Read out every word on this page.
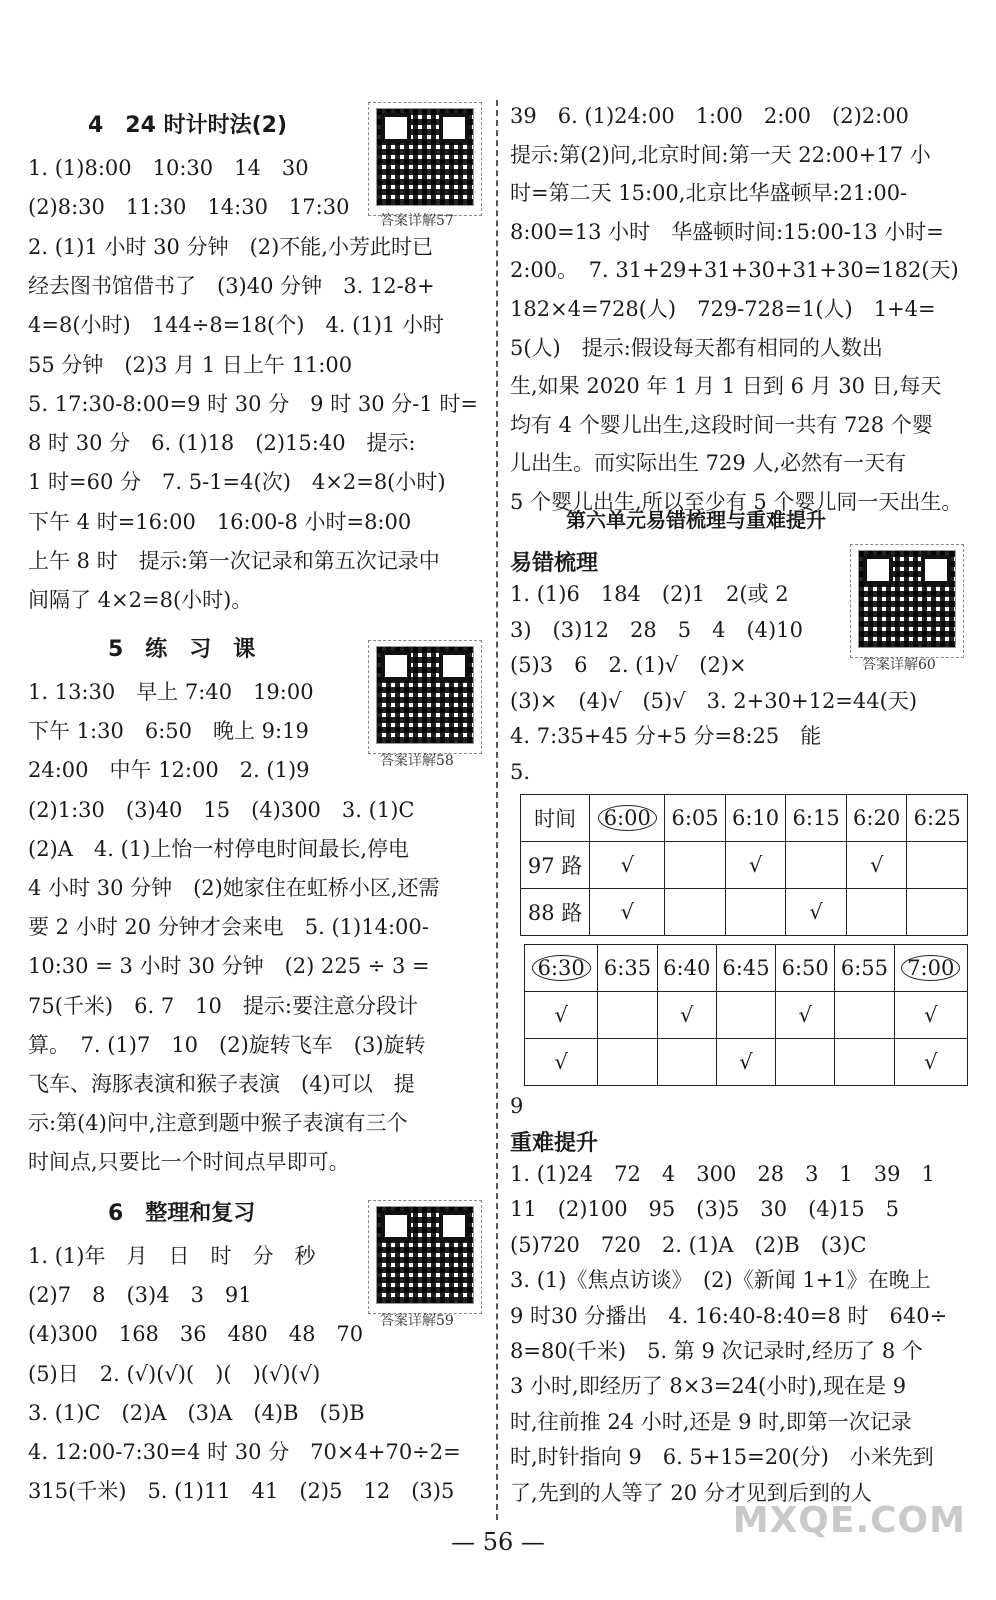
4　24 时计时法(2)
1. (1)8:00　10:30　14　30
(2)8:30　11:30　14:30　17:30
2. (1)1 小时 30 分钟　(2)不能,小芳此时已
经去图书馆借书了　(3)40 分钟　3. 12-8+
4=8(小时)　144÷8=18(个)　4. (1)1 小时
55 分钟　(2)3 月 1 日上午 11:00
5. 17:30-8:00=9 时 30 分　9 时 30 分-1 时=
8 时 30 分　6. (1)18　(2)15:40　提示:
1 时=60 分　7. 5-1=4(次)　4×2=8(小时)
下午 4 时=16:00　16:00-8 小时=8:00
上午 8 时　提示:第一次记录和第五次记录中
间隔了 4×2=8(小时)。
答案详解57
5　练　习　课
1. 13:30　早上 7:40　19:00
下午 1:30　6:50　晚上 9:19
24:00　中午 12:00　2. (1)9
(2)1:30　(3)40　15　(4)300　3. (1)C
(2)A　4. (1)上怡一村停电时间最长,停电
4 小时 30 分钟　(2)她家住在虹桥小区,还需
要 2 小时 20 分钟才会来电　5. (1)14:00-
10:30 = 3 小时 30 分钟　(2) 225 ÷ 3 =
75(千米)　6. 7　10　提示:要注意分段计
算。　7. (1)7　10　(2)旋转飞车　(3)旋转
飞车、海豚表演和猴子表演　(4)可以　提
示:第(4)问中,注意到题中猴子表演有三个
时间点,只要比一个时间点早即可。
答案详解58
6　整理和复习
1. (1)年　月　日　时　分　秒
(2)7　8　(3)4　3　91
(4)300　168　36　480　48　70
(5)日　2. (√)(√)(　)(　)(√)(√)
3. (1)C　(2)A　(3)A　(4)B　(5)B
4. 12:00-7:30=4 时 30 分　70×4+70÷2=
315(千米)　5. (1)11　41　(2)5　12　(3)5
答案详解59
39　6. (1)24:00　1:00　2:00　(2)2:00
提示:第(2)问,北京时间:第一天 22:00+17 小
时=第二天 15:00,北京比华盛顿早:21:00-
8:00=13 小时　华盛顿时间:15:00-13 小时=
2:00。　7. 31+29+31+30+31+30=182(天)
182×4=728(人)　729-728=1(人)　1+4=
5(人)　提示:假设每天都有相同的人数出
生,如果 2020 年 1 月 1 日到 6 月 30 日,每天
均有 4 个婴儿出生,这段时间一共有 728 个婴
儿出生。而实际出生 729 人,必然有一天有
5 个婴儿出生,所以至少有 5 个婴儿同一天出生。
第六单元易错梳理与重难提升
易错梳理
1. (1)6　184　(2)1　2(或 2
3)　(3)12　28　5　4　(4)10
(5)3　6　2. (1)√　(2)×
(3)×　(4)√　(5)√　3. 2+30+12=44(天)
4. 7:35+45 分+5 分=8:25　能
5.
答案详解60
时间	6:00	6:05	6:10	6:15	6:20	6:25
97 路	√		√		√	
88 路	√			√		
6:30	6:35	6:40	6:45	6:50	6:55	7:00
√		√		√		√
√			√			√
9
重难提升
1. (1)24　72　4　300　28　3　1　39　1
11　(2)100　95　(3)5　30　(4)15　5
(5)720　720　2. (1)A　(2)B　(3)C
3. (1)《焦点访谈》　(2)《新闻 1+1》在晚上
9 时30 分播出　4. 16:40-8:40=8 时　640÷
8=80(千米)　5. 第 9 次记录时,经历了 8 个
3 小时,即经历了 8×3=24(小时),现在是 9
时,往前推 24 小时,还是 9 时,即第一次记录
时,时针指向 9　6. 5+15=20(分)　小米先到
了,先到的人等了 20 分才见到后到的人
— 56 —
MXQE.COM
